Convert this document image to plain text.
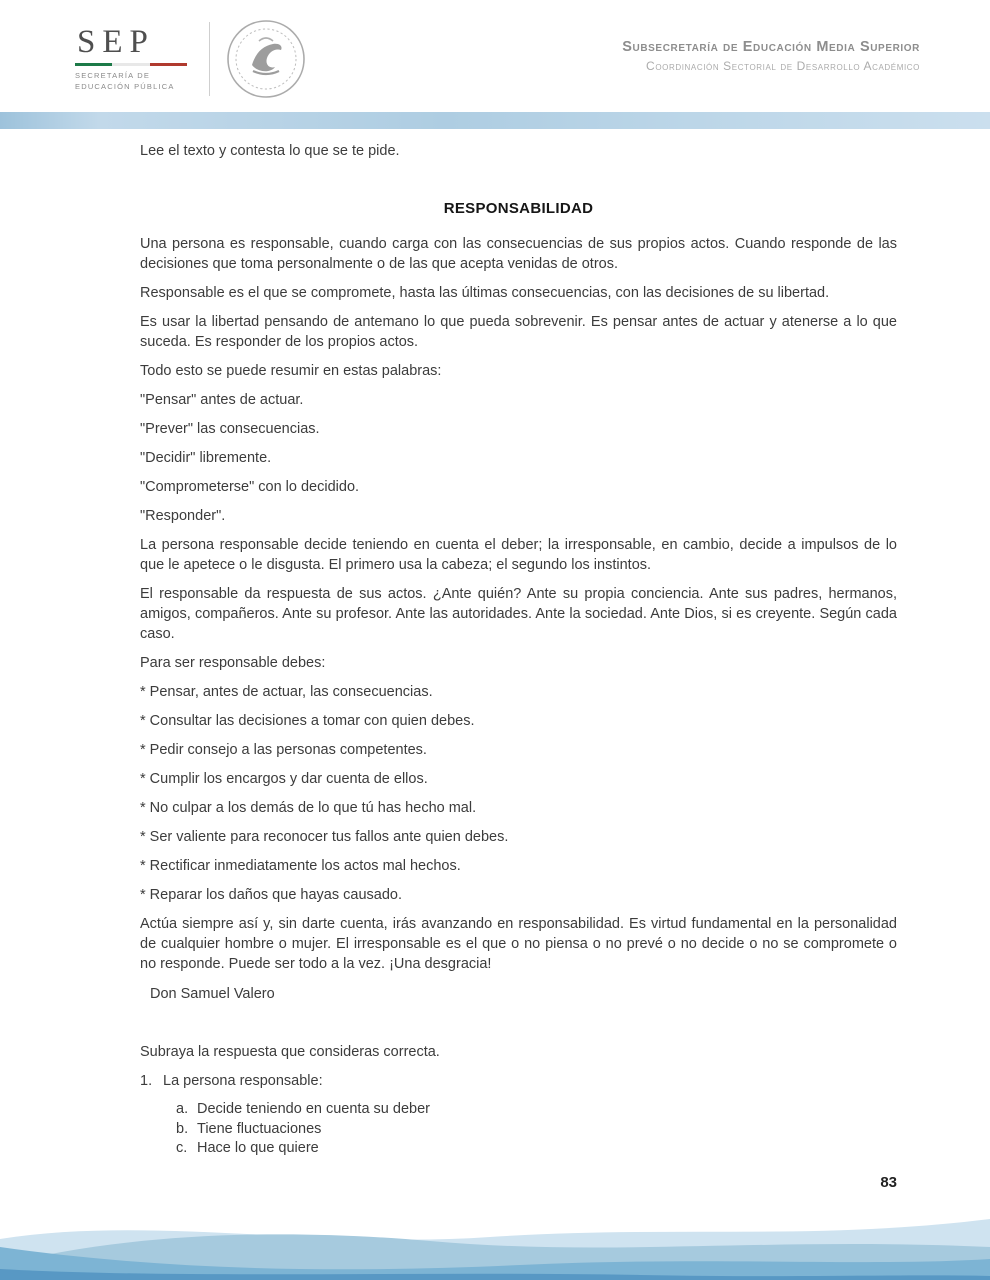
SEP
SECRETARÍA DE EDUCACIÓN PÚBLICA
Subsecretaría de Educación Media Superior
Coordinación Sectorial de Desarrollo Académico

Lee el texto y contesta lo que se te pide.

RESPONSABILIDAD

Una persona es responsable, cuando carga con las consecuencias de sus propios actos. Cuando responde de las decisiones que toma personalmente o de las que acepta venidas de otros.

Responsable es el que se compromete, hasta las últimas consecuencias, con las decisiones de su libertad.

Es usar la libertad pensando de antemano lo que pueda sobrevenir. Es pensar antes de actuar y atenerse a lo que suceda. Es responder de los propios actos.

Todo esto se puede resumir en estas palabras:

"Pensar" antes de actuar.

"Prever" las consecuencias.

"Decidir" libremente.

"Comprometerse" con lo decidido.

"Responder".

La persona responsable decide teniendo en cuenta el deber; la irresponsable, en cambio, decide a impulsos de lo que le apetece o le disgusta. El primero usa la cabeza; el segundo los instintos.

El responsable da respuesta de sus actos. ¿Ante quién? Ante su propia conciencia. Ante sus padres, hermanos, amigos, compañeros. Ante su profesor. Ante las autoridades. Ante la sociedad. Ante Dios, si es creyente. Según cada caso.

Para ser responsable debes:

* Pensar, antes de actuar, las consecuencias.

* Consultar las decisiones a tomar con quien debes.

* Pedir consejo a las personas competentes.

* Cumplir los encargos y dar cuenta de ellos.

* No culpar a los demás de lo que tú has hecho mal.

* Ser valiente para reconocer tus fallos ante quien debes.

* Rectificar inmediatamente los actos mal hechos.

* Reparar los daños que hayas causado.

Actúa siempre así y, sin darte cuenta, irás avanzando en responsabilidad. Es virtud fundamental en la personalidad de cualquier hombre o mujer. El irresponsable es el que o no piensa o no prevé o no decide o no se compromete o no responde. Puede ser todo a la vez. ¡Una desgracia!

Don Samuel Valero

Subraya la respuesta que consideras correcta.

1. La persona responsable:
a. Decide teniendo en cuenta su deber
b. Tiene fluctuaciones
c. Hace lo que quiere
83
